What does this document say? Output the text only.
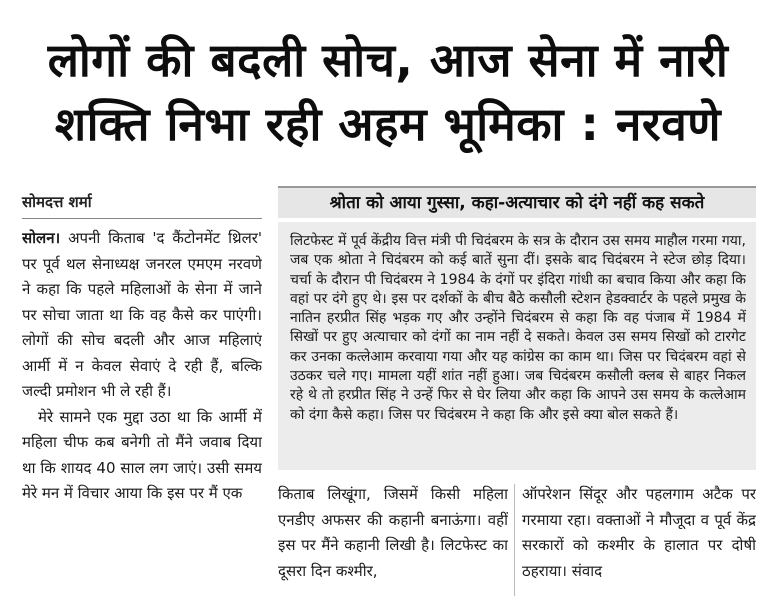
लोगों की बदली सोच, आज सेना में नारी
शक्ति निभा रही अहम भूमिका : नरवणे
सोमदत्त शर्मा

सोलन। अपनी किताब 'द कैंटोनमेंट थ्रिलर' पर पूर्व थल सेनाध्यक्ष जनरल एमएम नरवणे ने कहा कि पहले महिलाओं के सेना में जाने पर सोचा जाता था कि वह कैसे कर पाएंगी। लोगों की सोच बदली और आज महिलाएं आर्मी में न केवल सेवाएं दे रही हैं, बल्कि जल्दी प्रमोशन भी ले रही हैं।

मेरे सामने एक मुद्दा उठा था कि आर्मी में महिला चीफ कब बनेगी तो मैंने जवाब दिया था कि शायद 40 साल लग जाएं। उसी समय मेरे मन में विचार आया कि इस पर मैं एक

श्रोता को आया गुस्सा, कहा-अत्याचार को दंगे नहीं कह सकते
लिटफेस्ट में पूर्व केंद्रीय वित्त मंत्री पी चिदंबरम के सत्र के दौरान उस समय माहौल गरमा गया, जब एक श्रोता ने चिदंबरम को कई बातें सुना दीं। इसके बाद चिदंबरम ने स्टेज छोड़ दिया। चर्चा के दौरान पी चिदंबरम ने 1984 के दंगों पर इंदिरा गांधी का बचाव किया और कहा कि वहां पर दंगे हुए थे। इस पर दर्शकों के बीच बैठे कसौली स्टेशन हेडक्वार्टर के पहले प्रमुख के नातिन हरप्रीत सिंह भड़क गए और उन्होंने चिदंबरम से कहा कि वह पंजाब में 1984 में सिखों पर हुए अत्याचार को दंगों का नाम नहीं दे सकते। केवल उस समय सिखों को टारगेट कर उनका कत्लेआम करवाया गया और यह कांग्रेस का काम था। जिस पर चिदंबरम वहां से उठकर चले गए। मामला यहीं शांत नहीं हुआ। जब चिदंबरम कसौली क्लब से बाहर निकल रहे थे तो हरप्रीत सिंह ने उन्हें फिर से घेर लिया और कहा कि आपने उस समय के कत्लेआम को दंगा कैसे कहा। जिस पर चिदंबरम ने कहा कि और इसे क्या बोल सकते हैं।

किताब लिखूंगा, जिसमें किसी महिला एनडीए अफसर की कहानी बनाऊंगा। वहीं इस पर मैंने कहानी लिखी है। लिटफेस्ट का दूसरा दिन कश्मीर,

ऑपरेशन सिंदूर और पहलगाम अटैक पर गरमाया रहा। वक्ताओं ने मौजूदा व पूर्व केंद्र सरकारों को कश्मीर के हालात पर दोषी ठहराया। संवाद
